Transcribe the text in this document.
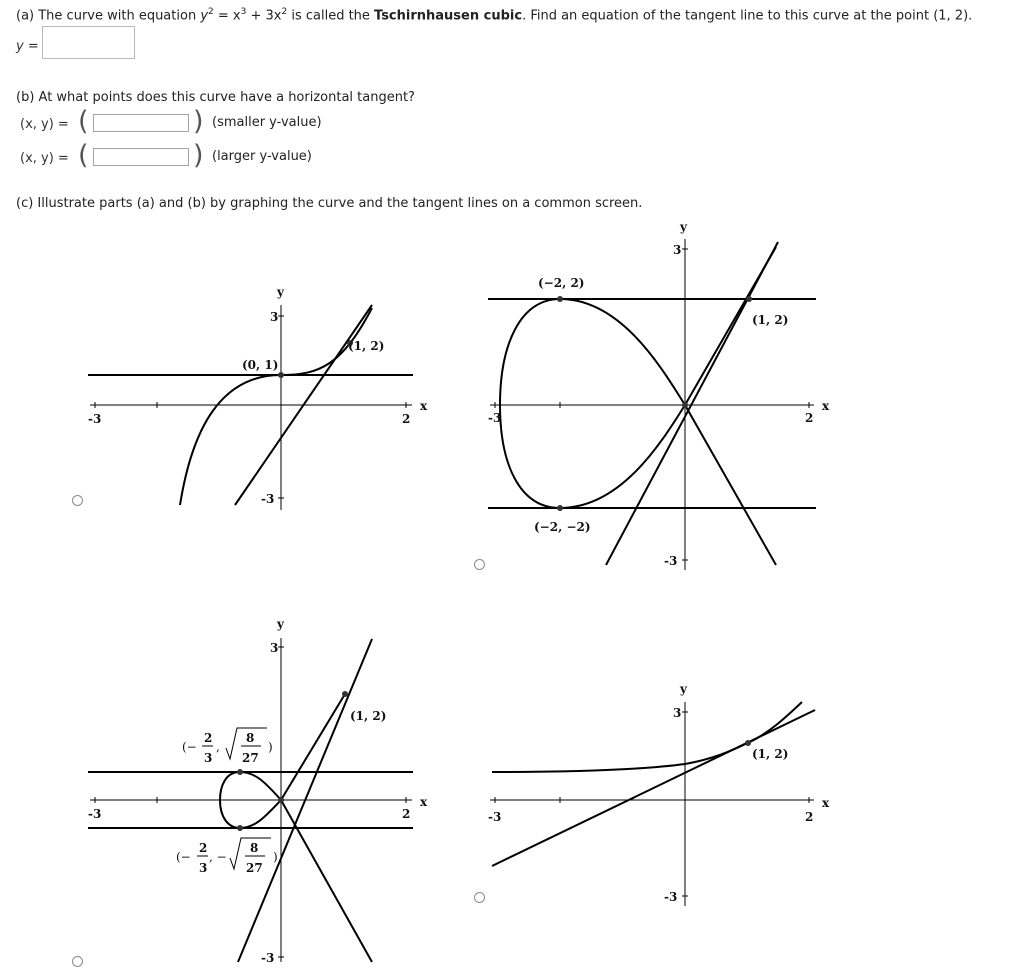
(a) The curve with equation $y^2 = x^3 + 3x^2$ is called the Tschirnhausen cubic. Find an equation of the tangent line to this curve at the point (1, 2).
y =
(b) At what points does this curve have a horizontal tangent?
(x, y) = (	) (smaller y-value)
(x, y) = (	) (larger y-value)
(c) Illustrate parts (a) and (b) by graphing the curve and the tangent lines on a common screen.
y
x
3
-3
-3	2
(0, 1)
(1, 2)
y
x
3
-3
-3	2
(−2, 2)
(1, 2)
(−2, −2)
y
x
3
-3
-3	2
(1, 2)
(−
2
3
,
8
27
)
(−
2
3
, −
8
27
)
y
x
3
-3
-3	2
(1, 2)
